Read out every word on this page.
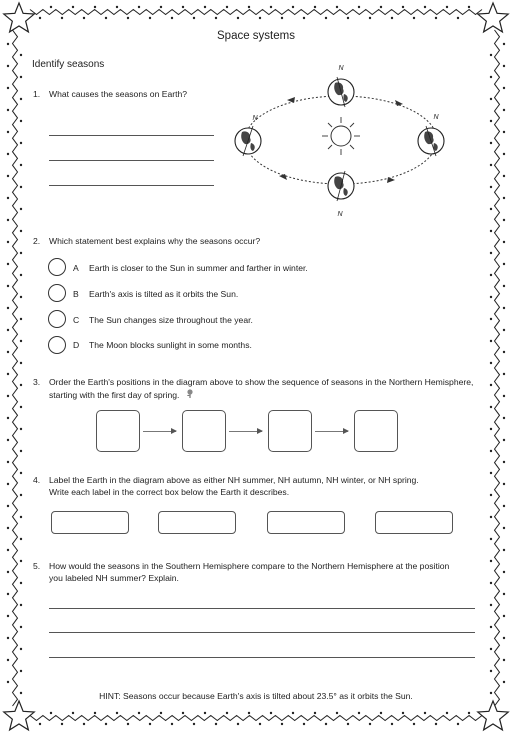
Space systems
Identify seasons
1. What causes the seasons on Earth?
N
N	N
N
2. Which statement best explains why the seasons occur?
A Earth is closer to the Sun in summer and farther in winter.
B Earth's axis is tilted as it orbits the Sun.
C The Sun changes size throughout the year.
D The Moon blocks sunlight in some months.
3. Order the Earth's positions in the diagram above to show the sequence of seasons in the Northern Hemisphere,
starting with the first day of spring.
4. Label the Earth in the diagram above as either NH summer, NH autumn, NH winter, or NH spring.
Write each label in the correct box below the Earth it describes.
5. How would the seasons in the Southern Hemisphere compare to the Northern Hemisphere at the position
you labeled NH summer? Explain.
HINT: Seasons occur because Earth's axis is tilted about 23.5° as it orbits the Sun.
